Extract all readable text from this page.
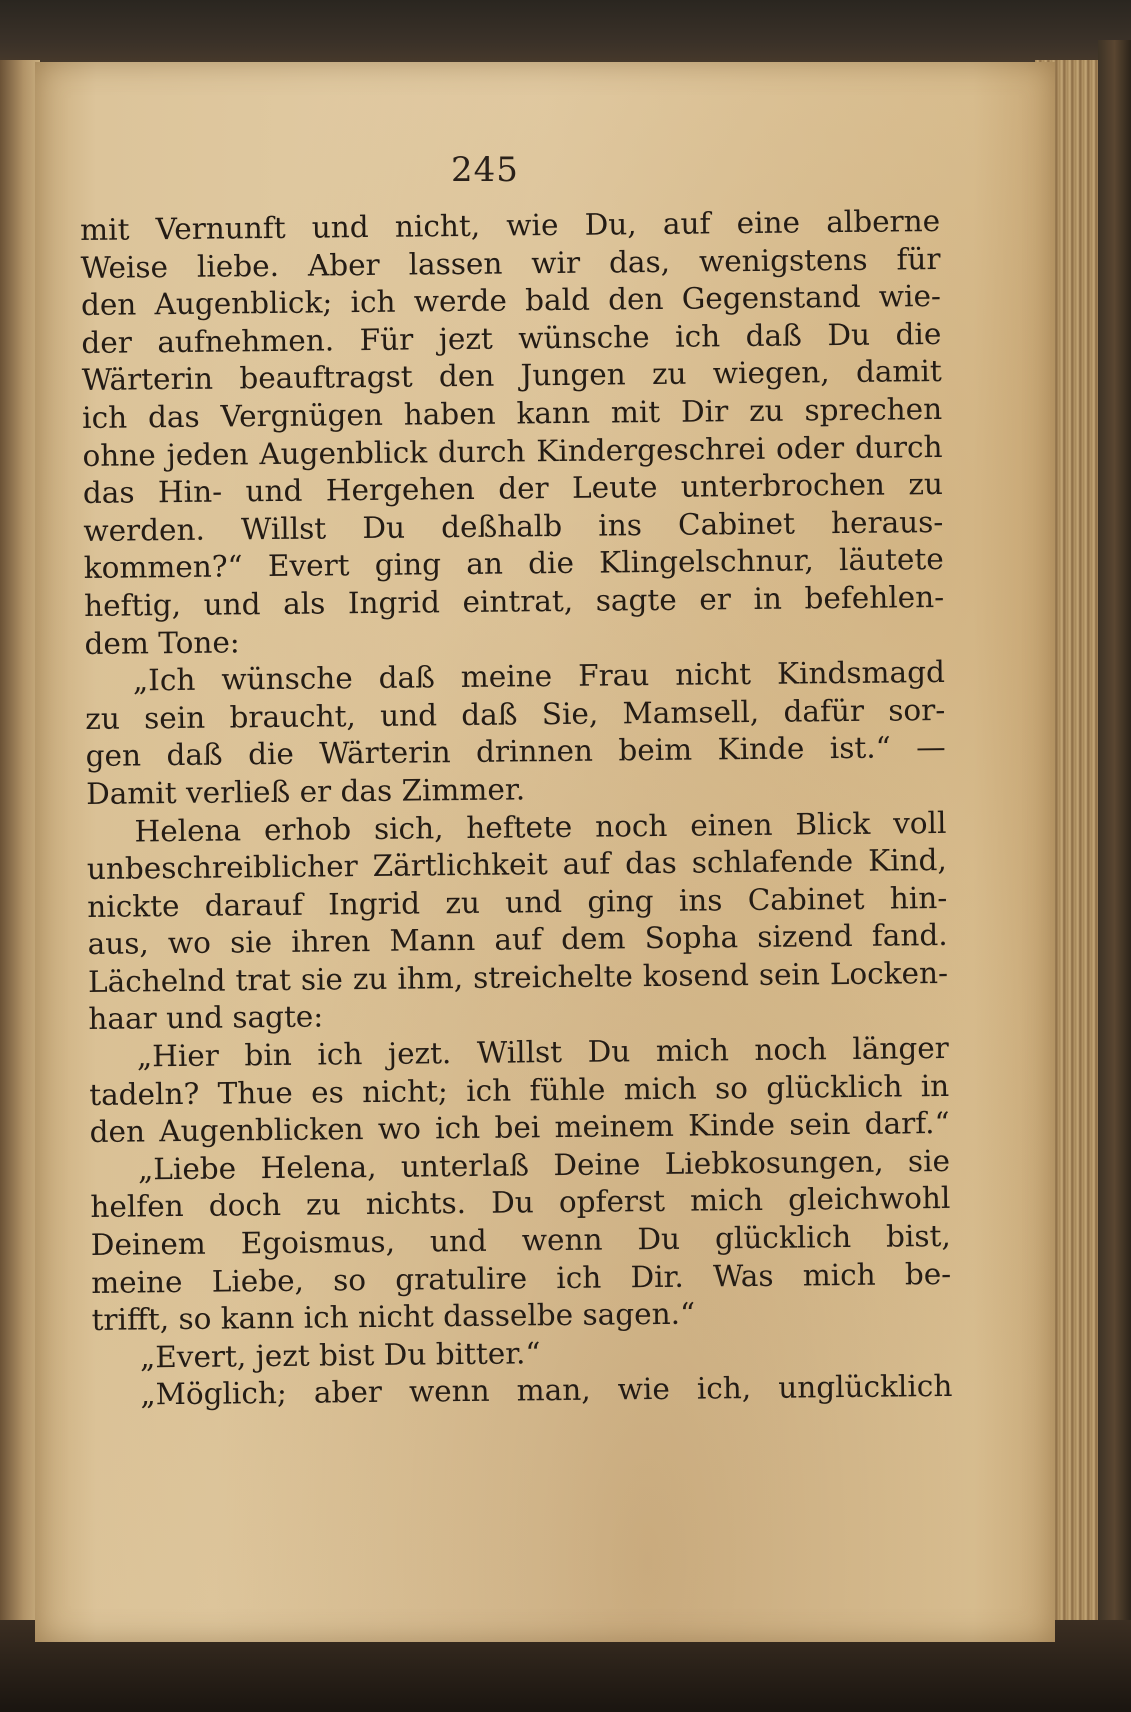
245
mit Vernunft und nicht, wie Du, auf eine alberne
Weise liebe. Aber lassen wir das, wenigstens für
den Augenblick; ich werde bald den Gegenstand wie-
der aufnehmen. Für jezt wünsche ich daß Du die
Wärterin beauftragst den Jungen zu wiegen, damit
ich das Vergnügen haben kann mit Dir zu sprechen
ohne jeden Augenblick durch Kindergeschrei oder durch
das Hin- und Hergehen der Leute unterbrochen zu
werden. Willst Du deßhalb ins Cabinet heraus-
kommen?“ Evert ging an die Klingelschnur, läutete
heftig, und als Ingrid eintrat, sagte er in befehlen-
dem Tone:
„Ich wünsche daß meine Frau nicht Kindsmagd
zu sein braucht, und daß Sie, Mamsell, dafür sor-
gen daß die Wärterin drinnen beim Kinde ist.“ —
Damit verließ er das Zimmer.
Helena erhob sich, heftete noch einen Blick voll
unbeschreiblicher Zärtlichkeit auf das schlafende Kind,
nickte darauf Ingrid zu und ging ins Cabinet hin-
aus, wo sie ihren Mann auf dem Sopha sizend fand.
Lächelnd trat sie zu ihm, streichelte kosend sein Locken-
haar und sagte:
„Hier bin ich jezt. Willst Du mich noch länger
tadeln? Thue es nicht; ich fühle mich so glücklich in
den Augenblicken wo ich bei meinem Kinde sein darf.“
„Liebe Helena, unterlaß Deine Liebkosungen, sie
helfen doch zu nichts. Du opferst mich gleichwohl
Deinem Egoismus, und wenn Du glücklich bist,
meine Liebe, so gratulire ich Dir. Was mich be-
trifft, so kann ich nicht dasselbe sagen.“
„Evert, jezt bist Du bitter.“
„Möglich; aber wenn man, wie ich, unglücklich
